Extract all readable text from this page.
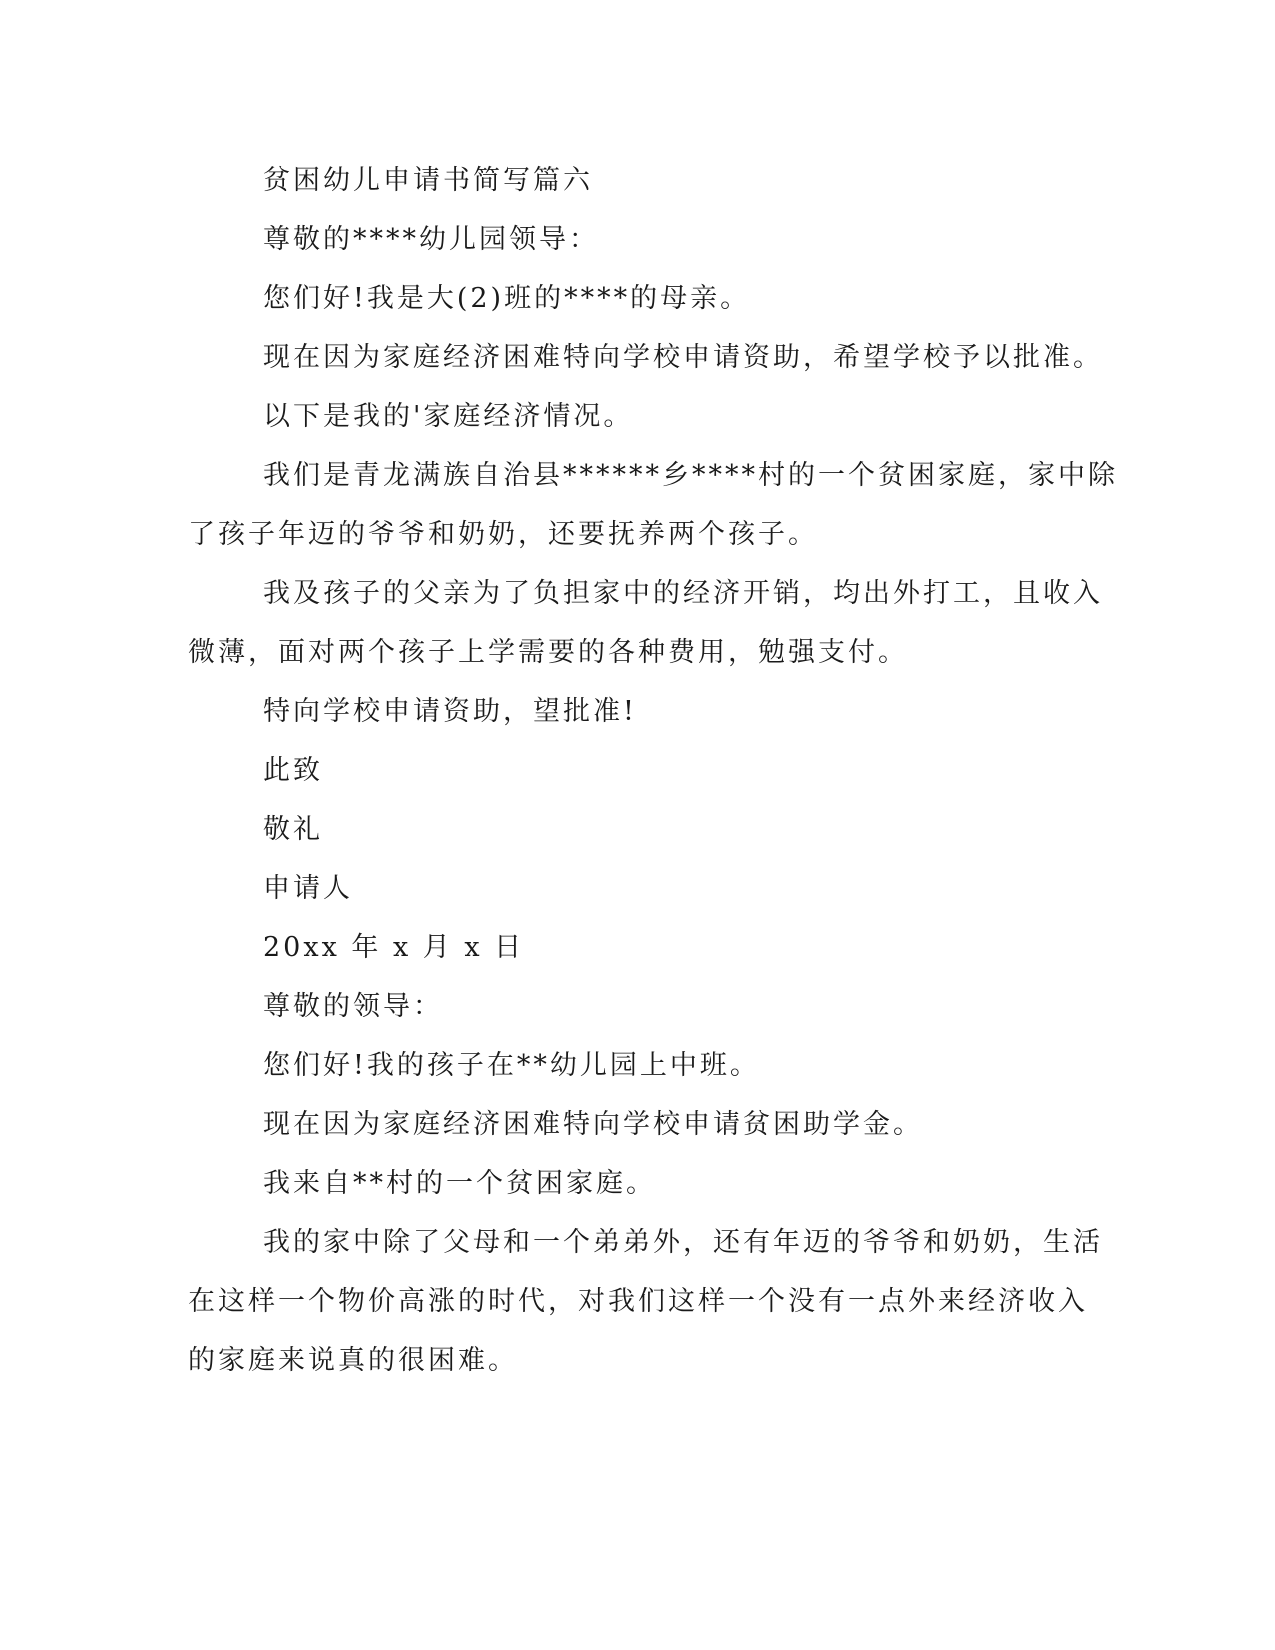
贫困幼儿申请书简写篇六
尊敬的****幼儿园领导：
您们好!我是大(2)班的****的母亲。
现在因为家庭经济困难特向学校申请资助，希望学校予以批准。
以下是我的'家庭经济情况。
我们是青龙满族自治县******乡****村的一个贫困家庭，家中除
了孩子年迈的爷爷和奶奶，还要抚养两个孩子。
我及孩子的父亲为了负担家中的经济开销，均出外打工，且收入
微薄，面对两个孩子上学需要的各种费用，勉强支付。
特向学校申请资助，望批准!
此致
敬礼
申请人
20xx 年 x 月 x 日
尊敬的领导：
您们好!我的孩子在**幼儿园上中班。
现在因为家庭经济困难特向学校申请贫困助学金。
我来自**村的一个贫困家庭。
我的家中除了父母和一个弟弟外，还有年迈的爷爷和奶奶，生活
在这样一个物价高涨的时代，对我们这样一个没有一点外来经济收入
的家庭来说真的很困难。
